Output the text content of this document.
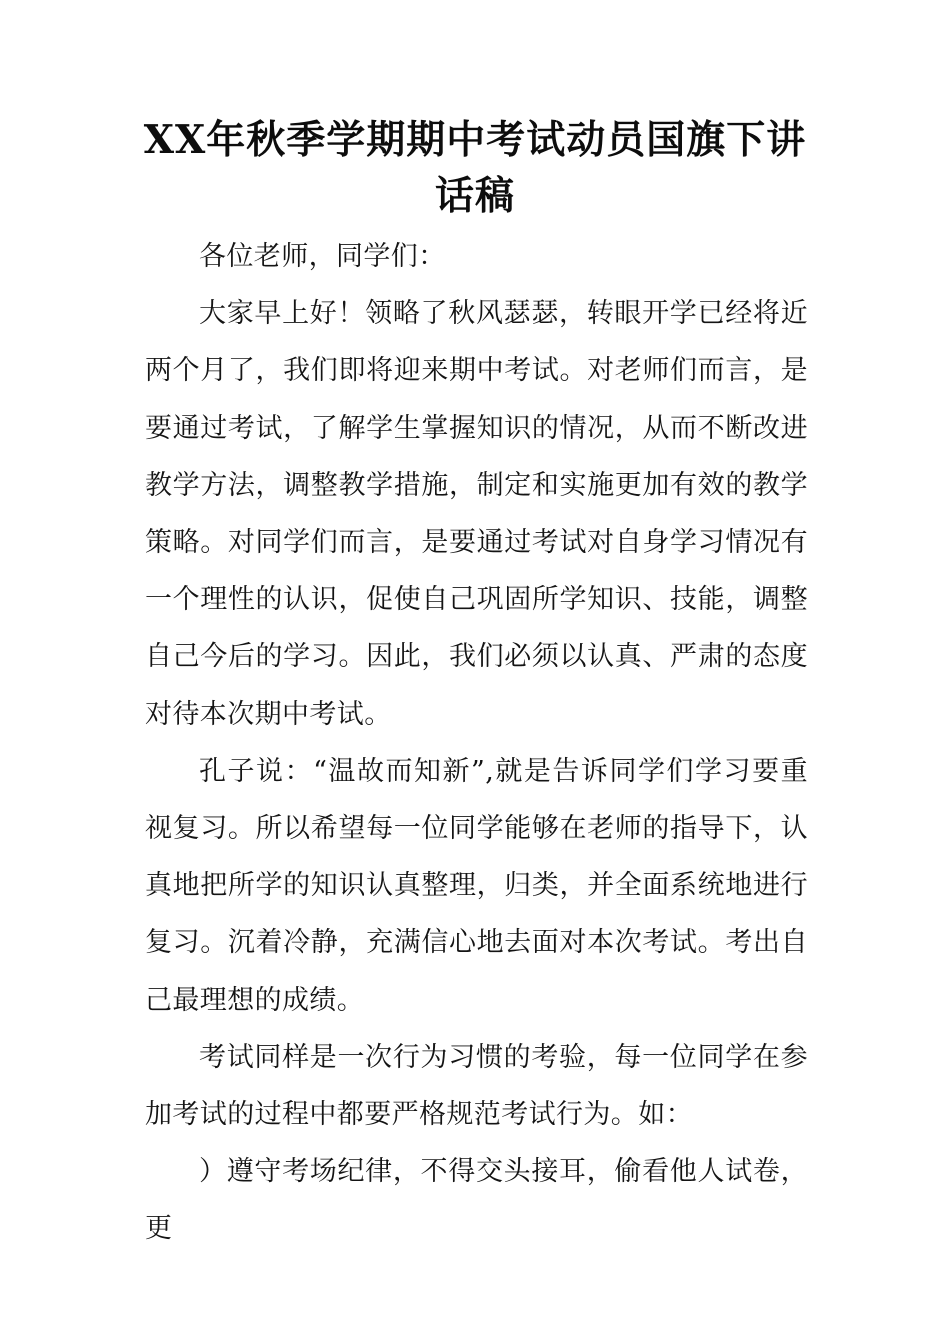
XX年秋季学期期中考试动员国旗下讲话稿

各位老师，同学们：

大家早上好！领略了秋风瑟瑟，转眼开学已经将近两个月了，我们即将迎来期中考试。对老师们而言，是要通过考试，了解学生掌握知识的情况，从而不断改进教学方法，调整教学措施，制定和实施更加有效的教学策略。对同学们而言，是要通过考试对自身学习情况有一个理性的认识，促使自己巩固所学知识、技能，调整自己今后的学习。因此，我们必须以认真、严肃的态度对待本次期中考试。

孔子说：“温故而知新”,就是告诉同学们学习要重视复习。所以希望每一位同学能够在老师的指导下，认真地把所学的知识认真整理，归类，并全面系统地进行复习。沉着冷静，充满信心地去面对本次考试。考出自己最理想的成绩。

考试同样是一次行为习惯的考验，每一位同学在参加考试的过程中都要严格规范考试行为。如：

）遵守考场纪律，不得交头接耳，偷看他人试卷，更
